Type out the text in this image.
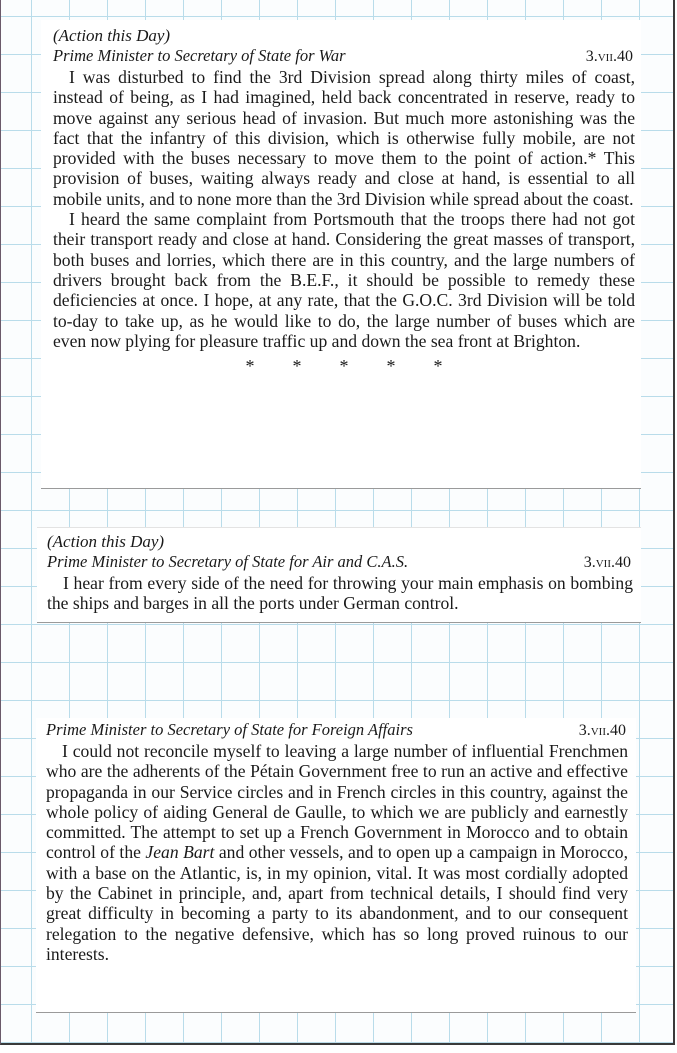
(Action this Day)
Prime Minister to Secretary of State for War	3.vii.40

I was disturbed to find the 3rd Division spread along thirty miles of coast, instead of being, as I had imagined, held back concentrated in reserve, ready to move against any serious head of invasion. But much more astonishing was the fact that the infantry of this division, which is otherwise fully mobile, are not provided with the buses necessary to move them to the point of action.* This provision of buses, waiting always ready and close at hand, is essential to all mobile units, and to none more than the 3rd Division while spread about the coast.

I heard the same complaint from Portsmouth that the troops there had not got their transport ready and close at hand. Considering the great masses of transport, both buses and lorries, which there are in this country, and the large numbers of drivers brought back from the B.E.F., it should be possible to remedy these deficiencies at once. I hope, at any rate, that the G.O.C. 3rd Division will be told to-day to take up, as he would like to do, the large number of buses which are even now plying for pleasure traffic up and down the sea front at Brighton.

* * * * *
(Action this Day)
Prime Minister to Secretary of State for Air and C.A.S.	3.vii.40

I hear from every side of the need for throwing your main emphasis on bombing the ships and barges in all the ports under German control.

Prime Minister to Secretary of State for Foreign Affairs	3.vii.40

I could not reconcile myself to leaving a large number of influential Frenchmen who are the adherents of the Pétain Government free to run an active and effective propaganda in our Service circles and in French circles in this country, against the whole policy of aiding General de Gaulle, to which we are publicly and earnestly committed. The attempt to set up a French Government in Morocco and to obtain control of the Jean Bart and other vessels, and to open up a campaign in Morocco, with a base on the Atlantic, is, in my opinion, vital. It was most cordially adopted by the Cabinet in principle, and, apart from technical details, I should find very great difficulty in becoming a party to its abandonment, and to our consequent relegation to the negative defensive, which has so long proved ruinous to our interests.
